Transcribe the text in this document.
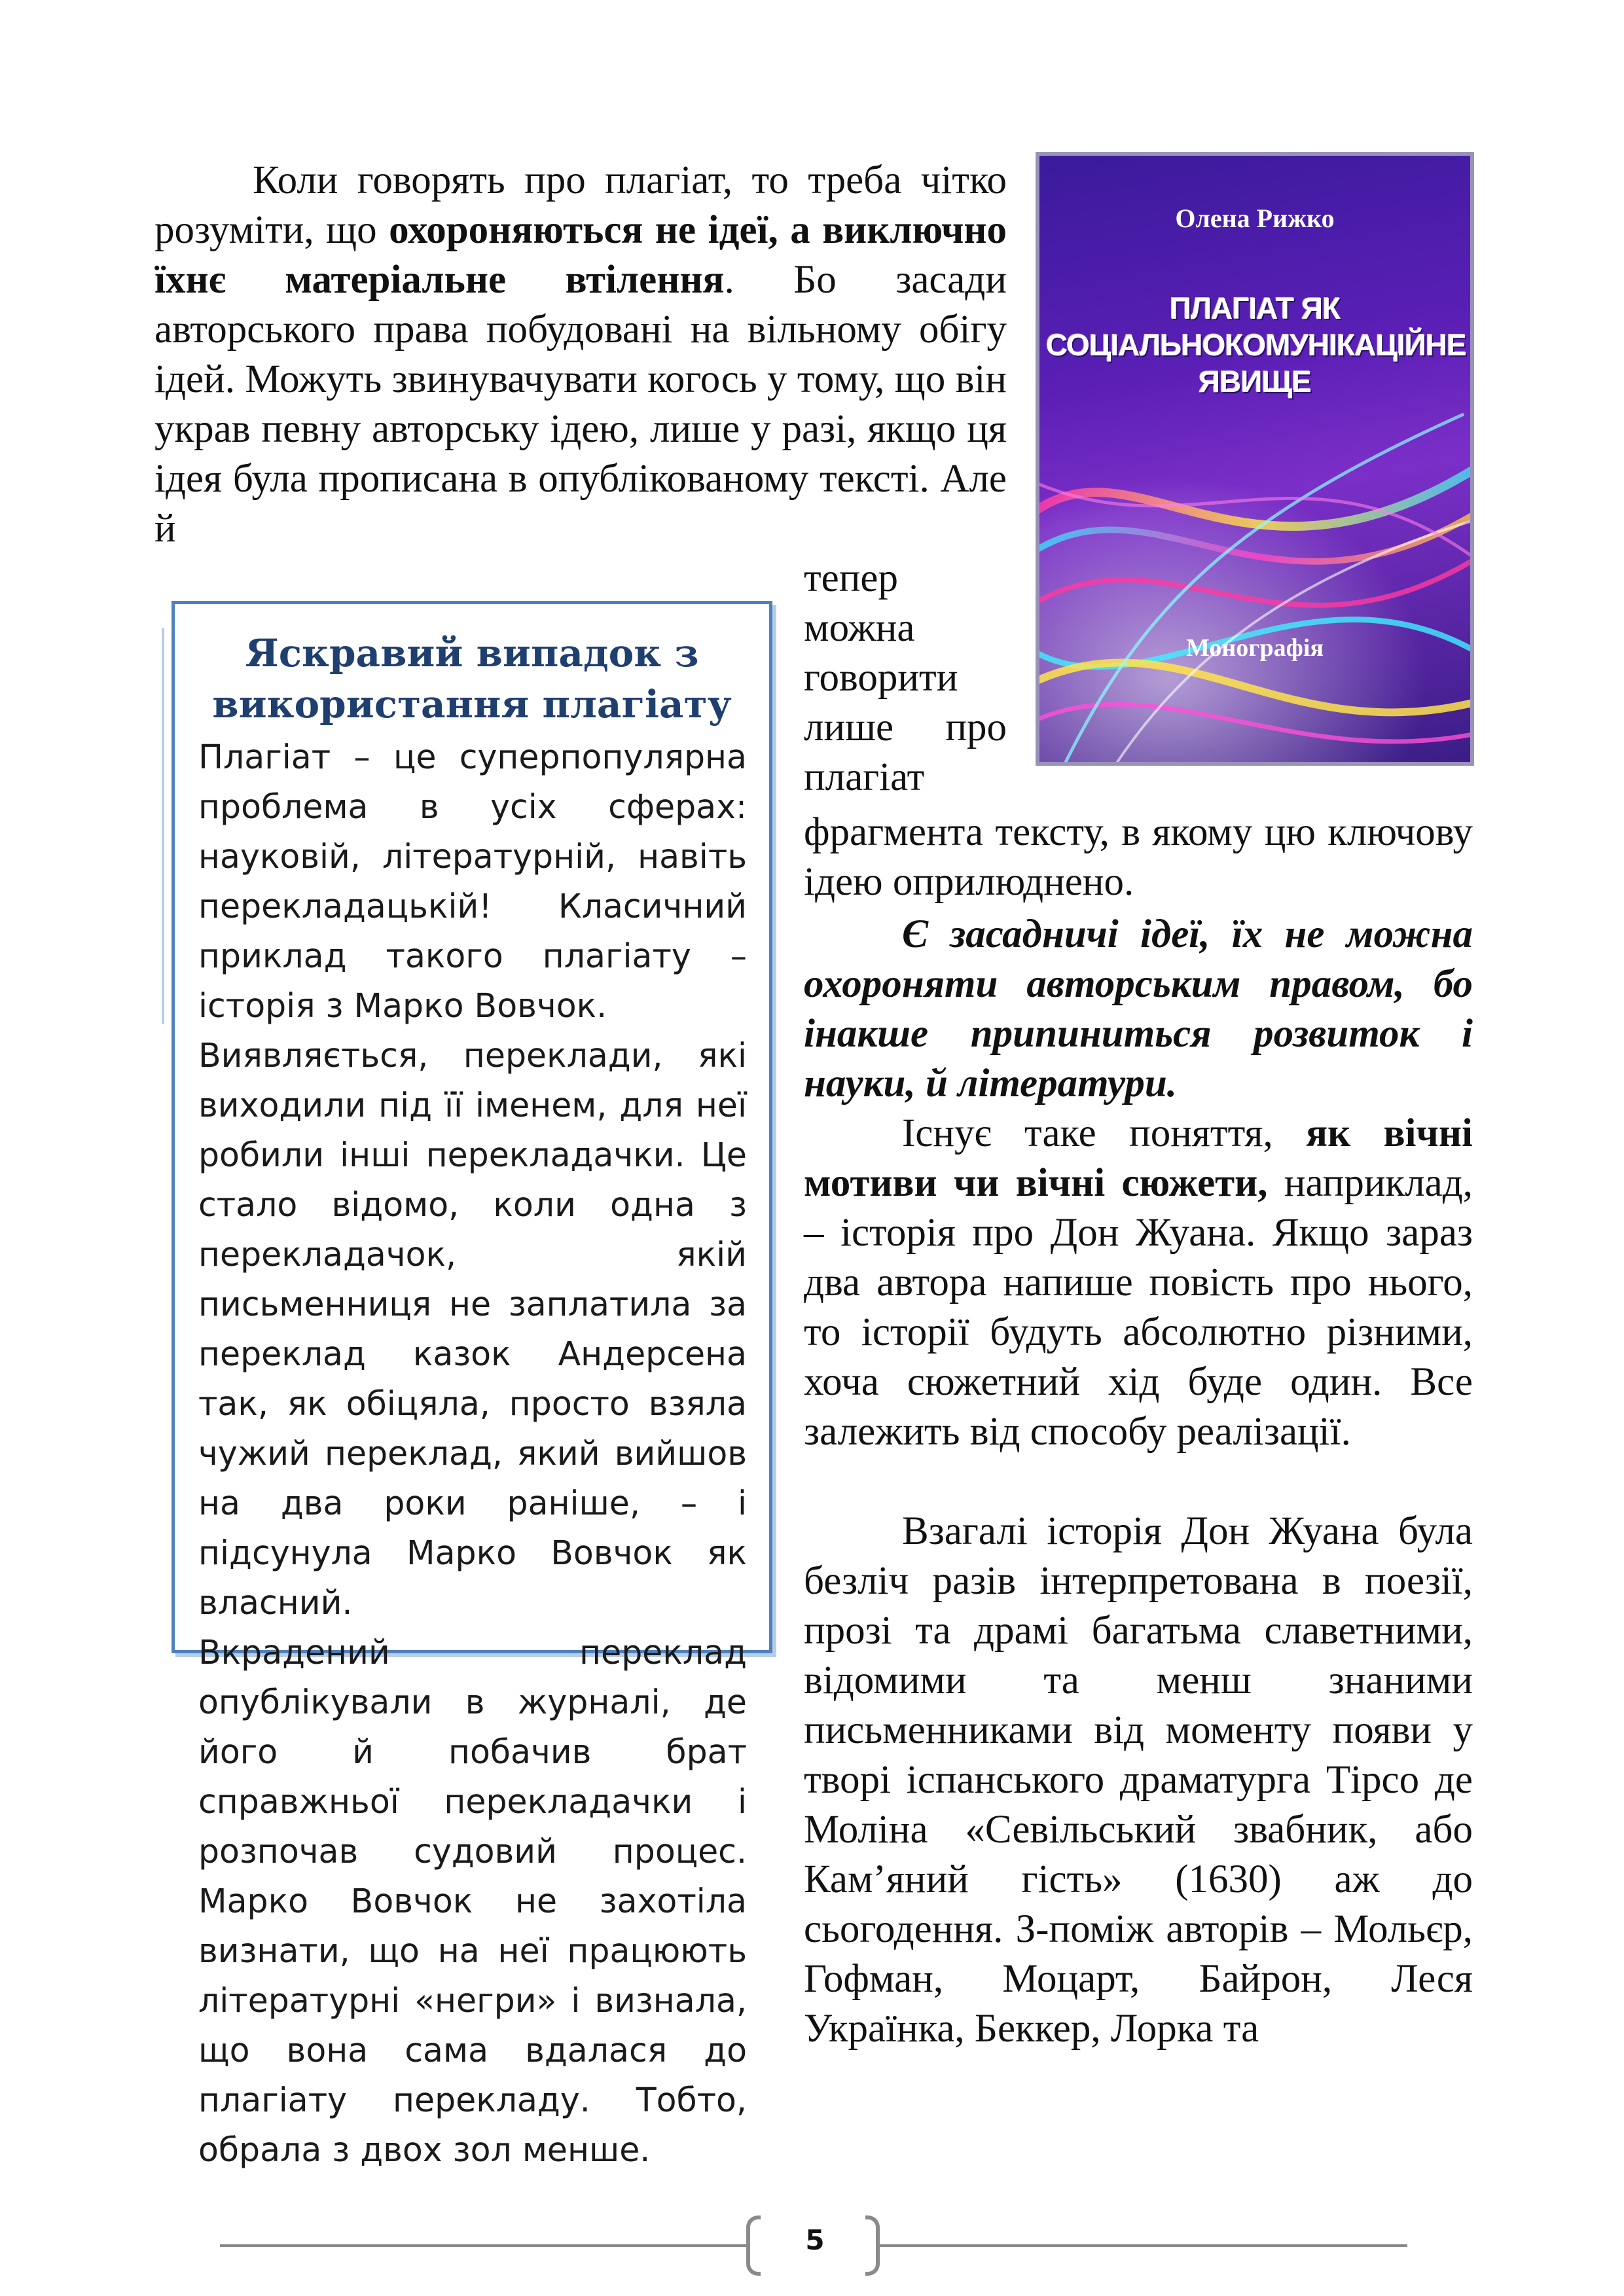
Коли говорять про плагіат, то треба чітко розуміти, що охороняються не ідеї, а виключно їхнє матеріальне втілення. Бо засади авторського права побудовані на вільному обігу ідей. Можуть звинувачувати когось у тому, що він украв певну авторську ідею, лише у разі, якщо ця ідея була прописана в опублікованому тексті. Але й

тепер
можна
говорити
лише про
плагіат

фрагмента тексту, в якому цю ключову ідею оприлюднено.

Олена Рижко
ПЛАГІАТ ЯК СОЦІАЛЬНОКОМУНІКАЦІЙНЕ ЯВИЩЕ
Монографія
Яскравий випадок з використання плагіату

Плагіат – це суперпопулярна проблема в усіх сферах: науковій, літературній, навіть перекладацькій! Класичний приклад такого плагіату – історія з Марко Вовчок.

Виявляється, переклади, які виходили під її іменем, для неї робили інші перекладачки. Це стало відомо, коли одна з перекладачок, якій письменниця не заплатила за переклад казок Андерсена так, як обіцяла, просто взяла чужий переклад, який вийшов на два роки раніше, – і підсунула Марко Вовчок як власний.

Вкрадений переклад опублікували в журналі, де його й побачив брат справжньої перекладачки і розпочав судовий процес. Марко Вовчок не захотіла визнати, що на неї працюють літературні «негри» і визнала, що вона сама вдалася до плагіату перекладу. Тобто, обрала з двох зол менше.

Є засадничі ідеї, їх не можна охороняти авторським правом, бо інакше припиниться розвиток і науки, й літератури.

Існує таке поняття, як вічні мотиви чи вічні сюжети, наприклад, – історія про Дон Жуана. Якщо зараз два автора напише повість про нього, то історії будуть абсолютно різними, хоча сюжетний хід буде один. Все залежить від способу реалізації.

Взагалі історія Дон Жуана була безліч разів інтерпретована в поезії, прозі та драмі багатьма славетними, відомими та менш знаними письменниками від моменту появи у творі іспанського драматурга Тірсо де Моліна «Севільський звабник, або Кам’яний гість» (1630) аж до сьогодення. З-поміж авторів – Мольєр, Гофман, Моцарт, Байрон, Леся Українка, Беккер, Лорка та

5
